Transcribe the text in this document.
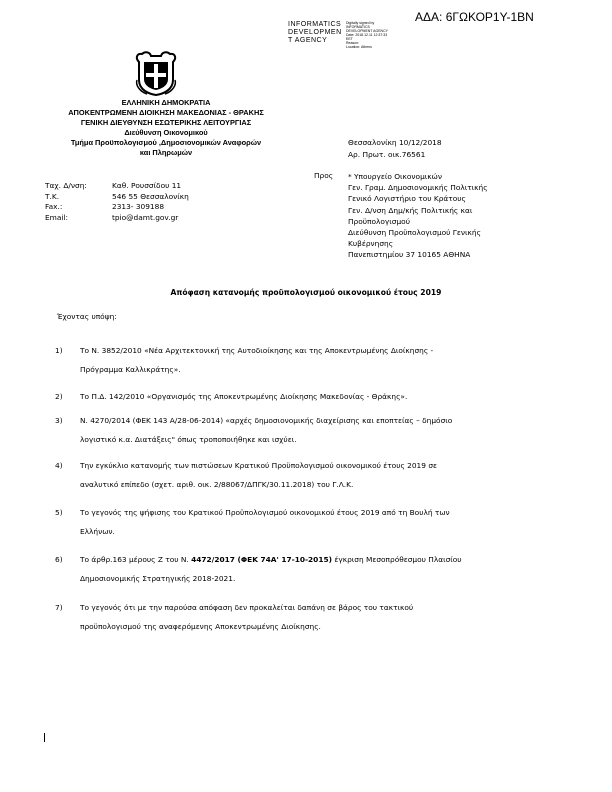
ΑΔΑ: 6ΓΩΚΟΡ1Υ-1ΒΝ
INFORMATICS
DEVELOPMEN
T AGENCY
Digitally signed by
INFORMATICS
DEVELOPMENT AGENCY
Date: 2018.12.11 12:37:33
EET
Reason:
Location: Athens
ΕΛΛΗΝΙΚΗ ΔΗΜΟΚΡΑΤΙΑ
ΑΠΟΚΕΝΤΡΩΜΕΝΗ ΔΙΟΙΚΗΣΗ ΜΑΚΕΔΟΝΙΑΣ - ΘΡΑΚΗΣ
ΓΕΝΙΚΗ ΔΙΕΥΘΥΝΣΗ ΕΣΩΤΕΡΙΚΗΣ ΛΕΙΤΟΥΡΓΙΑΣ
Διεύθυνση Οικονομικού
Τμήμα Προϋπολογισμού ,Δημοσιονομικών Αναφορών
και Πληρωμών
Θεσσαλονίκη 10/12/2018
Αρ. Πρωτ. οικ.76561
Ταχ. Δ/νση:	Καθ. Ρουσσίδου 11
Τ.Κ.	546 55 Θεσσαλονίκη
Fax.:	2313- 309188
Email:	tpio@damt.gov.gr
Προς * Υπουργείο Οικονομικών
Γεν. Γραμ. Δημοσιονομικής Πολιτικής
Γενικό Λογιστήριο του Κράτους
Γεν. Δ/νση Δημ/κής Πολιτικής και
Προϋπολογισμού
Διεύθυνση Προϋπολογισμού Γενικής
Κυβέρνησης
Πανεπιστημίου 37 10165 ΑΘΗΝΑ
Απόφαση κατανομής προϋπολογισμού οικονομικού έτους 2019
Έχοντας υπόψη:
1)	Το Ν. 3852/2010 «Νέα Αρχιτεκτονική της Αυτοδιοίκησης και της Αποκεντρωμένης Διοίκησης -
Πρόγραμμα Καλλικράτης».
2)	Το Π.Δ. 142/2010 «Οργανισμός της Αποκεντρωμένης Διοίκησης Μακεδονίας - Θράκης».
3)	Ν. 4270/2014 (ΦΕΚ 143 Α/28-06-2014) «αρχές δημοσιονομικής διαχείρισης και εποπτείας – δημόσιο
λογιστικό κ.α. Διατάξεις" όπως τροποποιήθηκε και ισχύει.
4)	Την εγκύκλιο κατανομής των πιστώσεων Κρατικού Προϋπολογισμού οικονομικού έτους 2019 σε
αναλυτικό επίπεδο (σχετ. αριθ. οικ. 2/88067/ΔΠΓΚ/30.11.2018) του Γ.Λ.Κ.
5)	Το γεγονός της ψήφισης του Κρατικού Προϋπολογισμού οικονομικού έτους 2019 από τη Βουλή των
Ελλήνων.
6)	Το άρθρ.163 μέρους Ζ του Ν. 4472/2017 (ΦΕΚ 74Α' 17-10-2015) έγκριση Μεσοπρόθεσμου Πλαισίου
Δημοσιονομικής Στρατηγικής 2018-2021.
7)	Το γεγονός ότι με την παρούσα απόφαση δεν προκαλείται δαπάνη σε βάρος του τακτικού
προϋπολογισμού της αναφερόμενης Αποκεντρωμένης Διοίκησης.
